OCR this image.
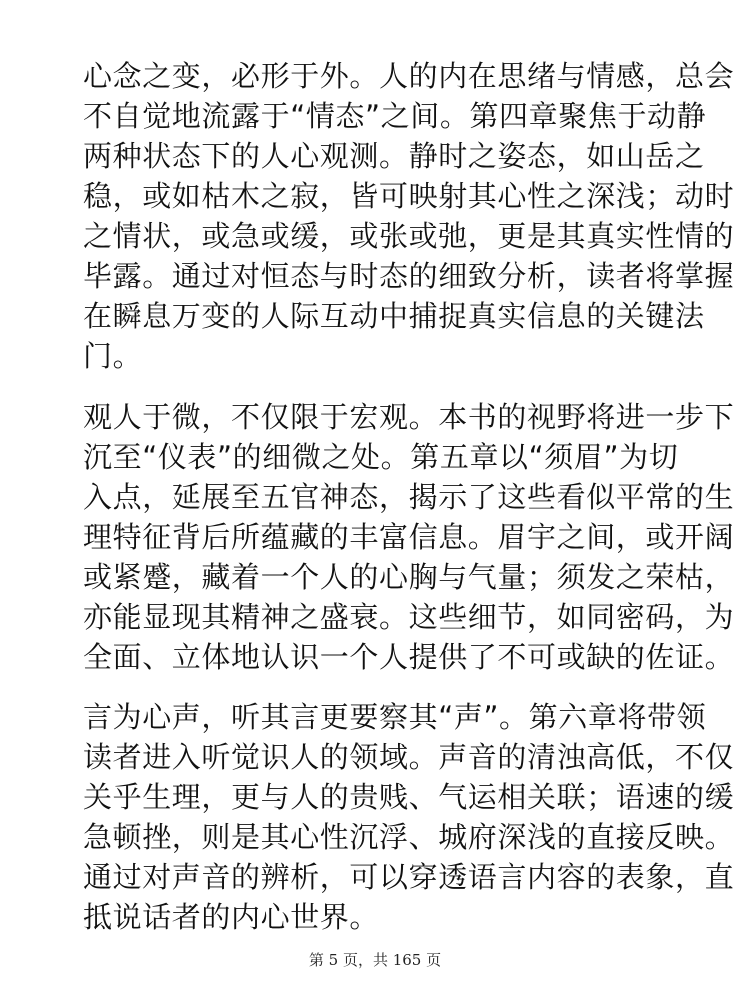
心念之变，必形于外。人的内在思绪与情感，总会
不自觉地流露于“情态”之间。第四章聚焦于动静
两种状态下的人心观测。静时之姿态，如山岳之
稳，或如枯木之寂，皆可映射其心性之深浅；动时
之情状，或急或缓，或张或弛，更是其真实性情的
毕露。通过对恒态与时态的细致分析，读者将掌握
在瞬息万变的人际互动中捕捉真实信息的关键法
门。
观人于微，不仅限于宏观。本书的视野将进一步下
沉至“仪表”的细微之处。第五章以“须眉”为切
入点，延展至五官神态，揭示了这些看似平常的生
理特征背后所蕴藏的丰富信息。眉宇之间，或开阔
或紧蹙，藏着一个人的心胸与气量；须发之荣枯，
亦能显现其精神之盛衰。这些细节，如同密码，为
全面、立体地认识一个人提供了不可或缺的佐证。
言为心声，听其言更要察其“声”。第六章将带领
读者进入听觉识人的领域。声音的清浊高低，不仅
关乎生理，更与人的贵贱、气运相关联；语速的缓
急顿挫，则是其心性沉浮、城府深浅的直接反映。
通过对声音的辨析，可以穿透语言内容的表象，直
抵说话者的内心世界。
第 5 页，共 165 页
